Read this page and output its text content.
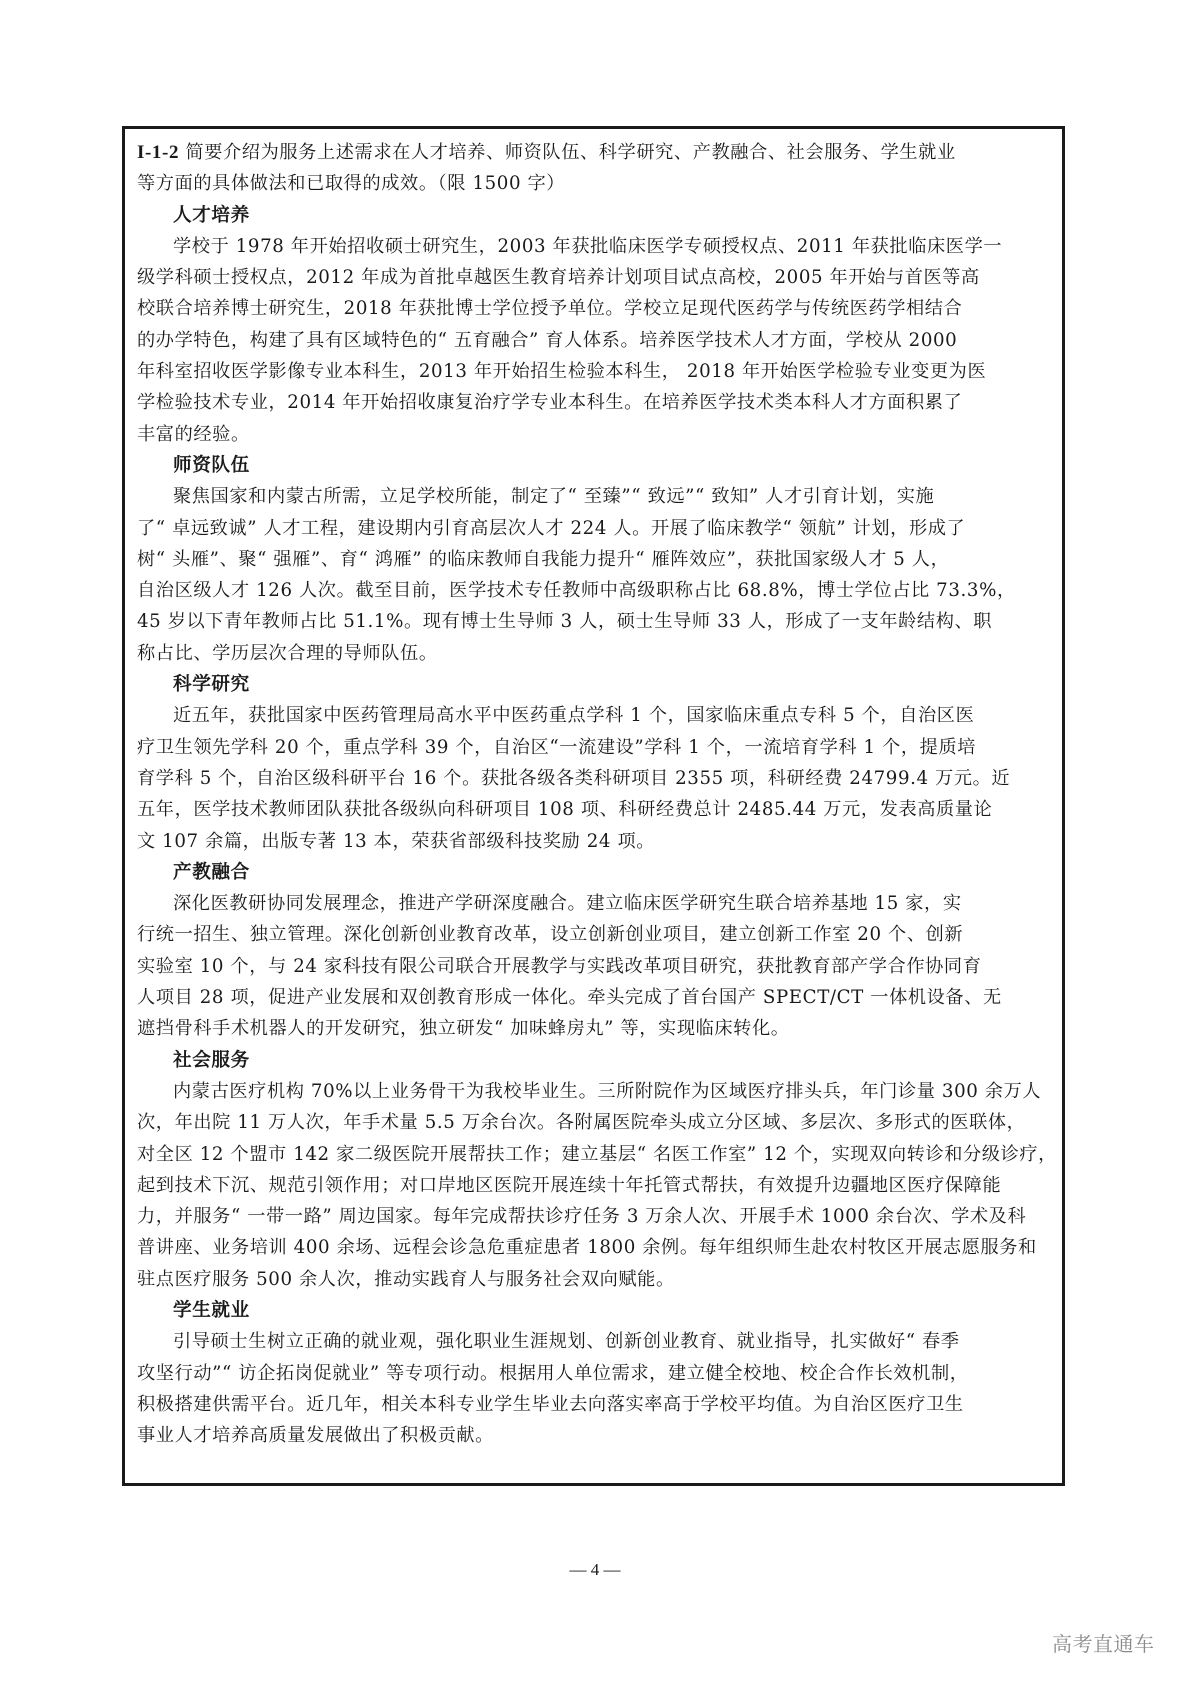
I-1-2 简要介绍为服务上述需求在人才培养、师资队伍、科学研究、产教融合、社会服务、学生就业
等方面的具体做法和已取得的成效。（限 1500 字）
人才培养
学校于 1978 年开始招收硕士研究生，2003 年获批临床医学专硕授权点、2011 年获批临床医学一
级学科硕士授权点，2012 年成为首批卓越医生教育培养计划项目试点高校，2005 年开始与首医等高
校联合培养博士研究生，2018 年获批博士学位授予单位。学校立足现代医药学与传统医药学相结合
的办学特色，构建了具有区域特色的“ 五育融合” 育人体系。培养医学技术人才方面，学校从 2000
年科室招收医学影像专业本科生，2013 年开始招生检验本科生， 2018 年开始医学检验专业变更为医
学检验技术专业，2014 年开始招收康复治疗学专业本科生。在培养医学技术类本科人才方面积累了
丰富的经验。
师资队伍
聚焦国家和内蒙古所需，立足学校所能，制定了“ 至臻”“ 致远”“ 致知” 人才引育计划，实施
了“ 卓远致诚” 人才工程，建设期内引育高层次人才 224 人。开展了临床教学“ 领航” 计划，形成了
树“ 头雁”、聚“ 强雁”、育“ 鸿雁” 的临床教师自我能力提升“ 雁阵效应”，获批国家级人才 5 人，
自治区级人才 126 人次。截至目前，医学技术专任教师中高级职称占比 68.8%，博士学位占比 73.3%，
45 岁以下青年教师占比 51.1%。现有博士生导师 3 人，硕士生导师 33 人，形成了一支年龄结构、职
称占比、学历层次合理的导师队伍。
科学研究
近五年，获批国家中医药管理局高水平中医药重点学科 1 个，国家临床重点专科 5 个，自治区医
疗卫生领先学科 20 个，重点学科 39 个，自治区“一流建设”学科 1 个，一流培育学科 1 个，提质培
育学科 5 个，自治区级科研平台 16 个。获批各级各类科研项目 2355 项，科研经费 24799.4 万元。近
五年，医学技术教师团队获批各级纵向科研项目 108 项、科研经费总计 2485.44 万元，发表高质量论
文 107 余篇，出版专著 13 本，荣获省部级科技奖励 24 项。
产教融合
深化医教研协同发展理念，推进产学研深度融合。建立临床医学研究生联合培养基地 15 家，实
行统一招生、独立管理。深化创新创业教育改革，设立创新创业项目，建立创新工作室 20 个、创新
实验室 10 个，与 24 家科技有限公司联合开展教学与实践改革项目研究，获批教育部产学合作协同育
人项目 28 项，促进产业发展和双创教育形成一体化。牵头完成了首台国产 SPECT/CT 一体机设备、无
遮挡骨科手术机器人的开发研究，独立研发“ 加味蜂房丸” 等，实现临床转化。
社会服务
内蒙古医疗机构 70%以上业务骨干为我校毕业生。三所附院作为区域医疗排头兵，年门诊量 300 余万人
次，年出院 11 万人次，年手术量 5.5 万余台次。各附属医院牵头成立分区域、多层次、多形式的医联体，
对全区 12 个盟市 142 家二级医院开展帮扶工作；建立基层“ 名医工作室” 12 个，实现双向转诊和分级诊疗，
起到技术下沉、规范引领作用；对口岸地区医院开展连续十年托管式帮扶，有效提升边疆地区医疗保障能
力，并服务“ 一带一路” 周边国家。每年完成帮扶诊疗任务 3 万余人次、开展手术 1000 余台次、学术及科
普讲座、业务培训 400 余场、远程会诊急危重症患者 1800 余例。每年组织师生赴农村牧区开展志愿服务和
驻点医疗服务 500 余人次，推动实践育人与服务社会双向赋能。
学生就业
引导硕士生树立正确的就业观，强化职业生涯规划、创新创业教育、就业指导，扎实做好“ 春季
攻坚行动”“ 访企拓岗促就业” 等专项行动。根据用人单位需求，建立健全校地、校企合作长效机制，
积极搭建供需平台。近几年，相关本科专业学生毕业去向落实率高于学校平均值。为自治区医疗卫生
事业人才培养高质量发展做出了积极贡献。
— 4 —
高考直通车
